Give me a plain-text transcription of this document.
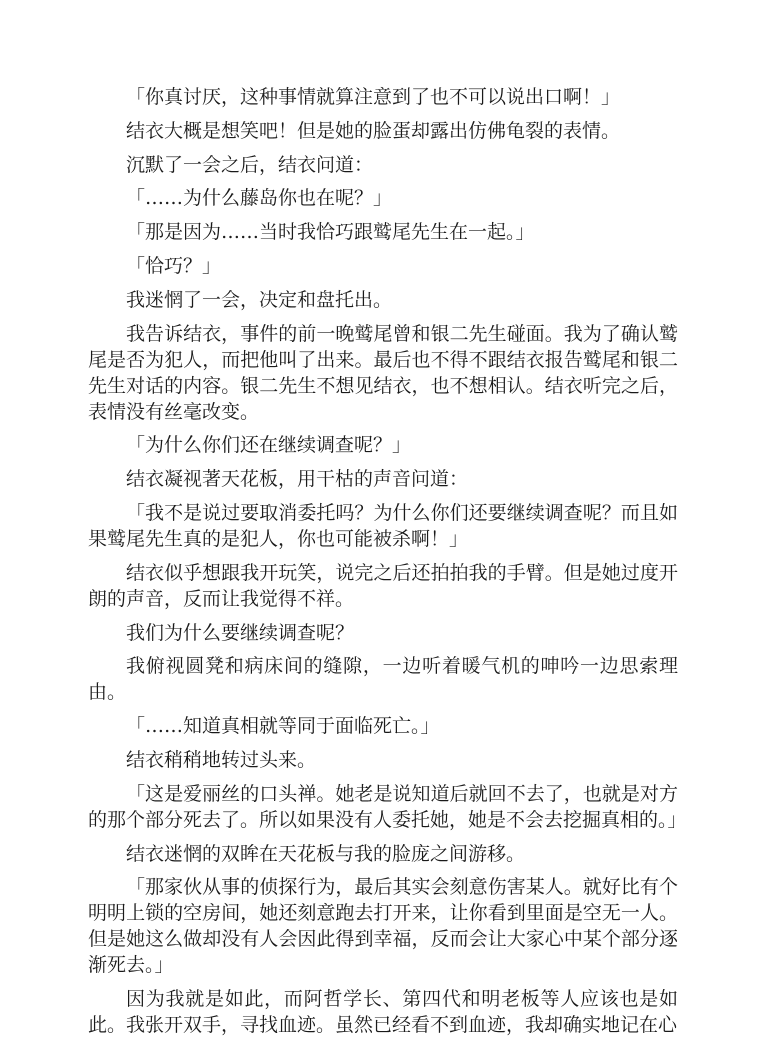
「你真讨厌，这种事情就算注意到了也不可以说出口啊！」

结衣大概是想笑吧！但是她的脸蛋却露出仿佛龟裂的表情。

沉默了一会之后，结衣问道：

「……为什么藤岛你也在呢？」

「那是因为……当时我恰巧跟鹫尾先生在一起。」

「恰巧？」

我迷惘了一会，决定和盘托出。

我告诉结衣，事件的前一晚鹫尾曾和银二先生碰面。我为了确认鹫尾是否为犯人，而把他叫了出来。最后也不得不跟结衣报告鹫尾和银二先生对话的内容。银二先生不想见结衣，也不想相认。结衣听完之后，表情没有丝毫改变。

「为什么你们还在继续调查呢？」

结衣凝视著天花板，用干枯的声音问道：

「我不是说过要取消委托吗？为什么你们还要继续调查呢？而且如果鹫尾先生真的是犯人，你也可能被杀啊！」

结衣似乎想跟我开玩笑，说完之后还拍拍我的手臂。但是她过度开朗的声音，反而让我觉得不祥。

我们为什么要继续调查呢？

我俯视圆凳和病床间的缝隙，一边听着暖气机的呻吟一边思索理由。

「……知道真相就等同于面临死亡。」

结衣稍稍地转过头来。

「这是爱丽丝的口头禅。她老是说知道后就回不去了，也就是对方的那个部分死去了。所以如果没有人委托她，她是不会去挖掘真相的。」

结衣迷惘的双眸在天花板与我的脸庞之间游移。

「那家伙从事的侦探行为，最后其实会刻意伤害某人。就好比有个明明上锁的空房间，她还刻意跑去打开来，让你看到里面是空无一人。但是她这么做却没有人会因此得到幸福，反而会让大家心中某个部分逐渐死去。」

因为我就是如此，而阿哲学长、第四代和明老板等人应该也是如此。我张开双手，寻找血迹。虽然已经看不到血迹，我却确实地记在心
